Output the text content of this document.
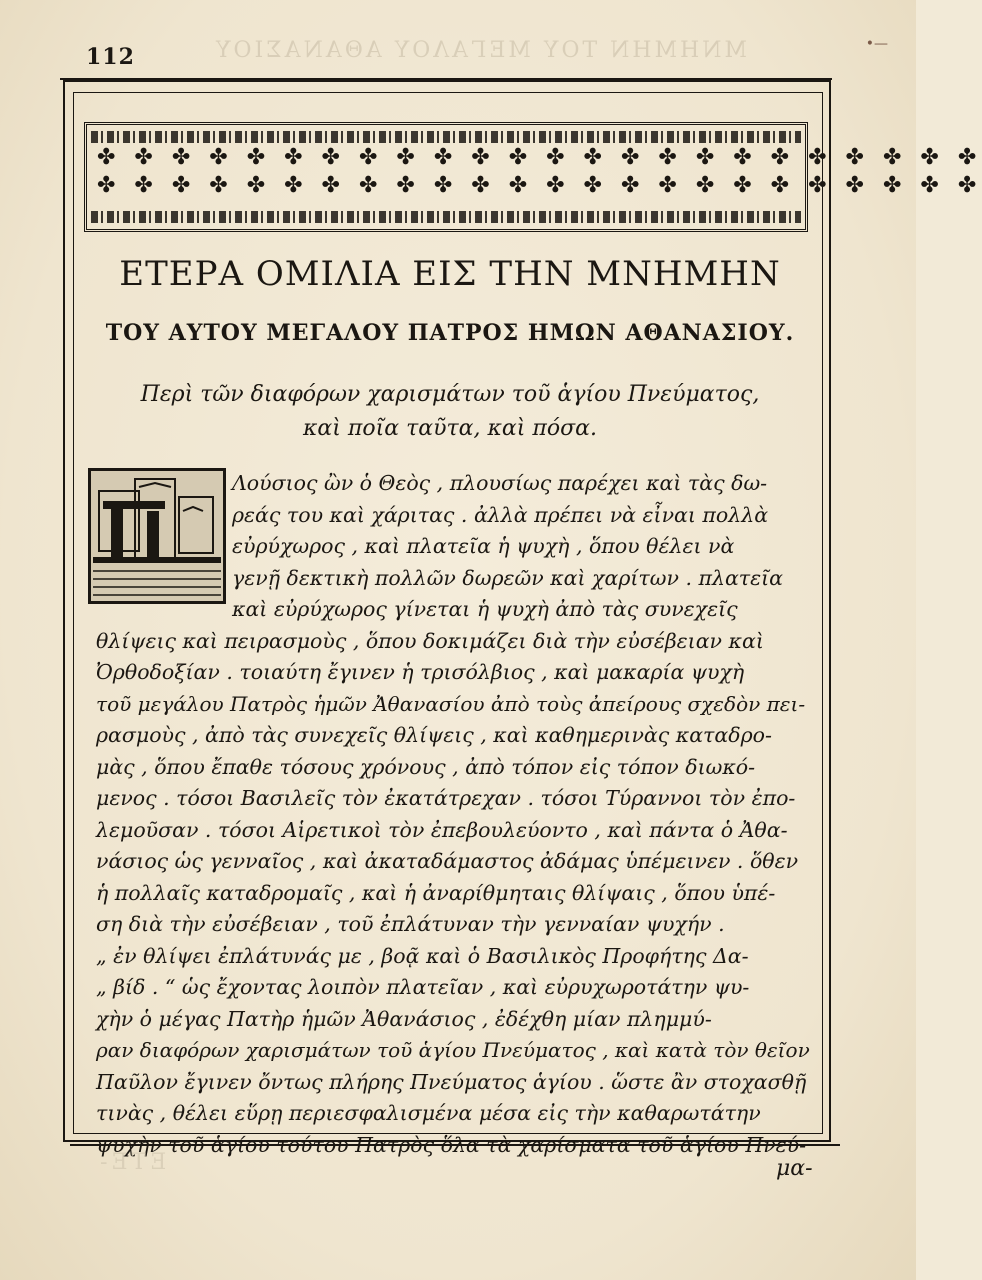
ΜΝΗΜΗΝ ΤΟΥ ΜΕΓΑΛΟΥ ΑΘΑΝΑΣΙΟΥ
112	•—
✤ ✤ ✤ ✤ ✤ ✤ ✤ ✤ ✤ ✤ ✤ ✤ ✤ ✤ ✤ ✤ ✤ ✤ ✤ ✤ ✤ ✤ ✤ ✤
✤ ✤ ✤ ✤ ✤ ✤ ✤ ✤ ✤ ✤ ✤ ✤ ✤ ✤ ✤ ✤ ✤ ✤ ✤ ✤ ✤ ✤ ✤ ✤
ΕΤΕΡΑ ΟΜΙΛΙΑ ΕΙΣ ΤΗΝ ΜΝΗΜΗΝ
ΤΟΥ ΑΥΤΟΥ ΜΕΓΑΛΟΥ ΠΑΤΡΟΣ ΗΜΩΝ ΑΘΑΝΑΣΙΟΥ.
Περὶ τῶν διαφόρων χαρισμάτων τοῦ ἁγίου Πνεύματος,
καὶ ποῖα ταῦτα, καὶ πόσα.
Λούσιος ὢν ὁ Θεὸς , πλουσίως παρέχει καὶ τὰς δω-
ρεάς του καὶ χάριτας . ἀλλὰ πρέπει νὰ εἶναι πολλὰ
εὐρύχωρος , καὶ πλατεῖα ἡ ψυχὴ , ὅπου θέλει νὰ
γενῇ δεκτικὴ πολλῶν δωρεῶν καὶ χαρίτων . πλατεῖα
καὶ εὐρύχωρος γίνεται ἡ ψυχὴ ἀπὸ τὰς συνεχεῖς
θλίψεις καὶ πειρασμοὺς , ὅπου δοκιμάζει διὰ τὴν εὐσέβειαν καὶ
Ὀρθοδοξίαν . τοιαύτη ἔγινεν ἡ τρισόλβιος , καὶ μακαρία ψυχὴ
τοῦ μεγάλου Πατρὸς ἡμῶν Ἀθανασίου ἀπὸ τοὺς ἀπείρους σχεδὸν πει-
ρασμοὺς , ἀπὸ τὰς συνεχεῖς θλίψεις , καὶ καθημερινὰς καταδρο-
μὰς , ὅπου ἔπαθε τόσους χρόνους , ἀπὸ τόπον εἰς τόπον διωκό-
μενος . τόσοι Βασιλεῖς τὸν ἐκατάτρεχαν . τόσοι Τύραννοι τὸν ἐπο-
λεμοῦσαν . τόσοι Αἱρετικοὶ τὸν ἐπεβουλεύοντο , καὶ πάντα ὁ Ἀθα-
νάσιος ὡς γενναῖος , καὶ ἀκαταδάμαστος ἀδάμας ὑπέμεινεν . ὅθεν
ἡ πολλαῖς καταδρομαῖς , καὶ ἡ ἀναρίθμηταις θλίψαις , ὅπου ὑπέ-
ση διὰ τὴν εὐσέβειαν , τοῦ ἐπλάτυναν τὴν γενναίαν ψυχήν .
„ ἐν θλίψει ἐπλάτυνάς με , βοᾷ καὶ ὁ Βασιλικὸς Προφήτης Δα-
„ βίδ . “ ὡς ἔχοντας λοιπὸν πλατεῖαν , καὶ εὐρυχωροτάτην ψυ-
χὴν ὁ μέγας Πατὴρ ἡμῶν Ἀθανάσιος , ἐδέχθη μίαν πλημμύ-
ραν διαφόρων χαρισμάτων τοῦ ἁγίου Πνεύματος , καὶ κατὰ τὸν θεῖον
Παῦλον ἔγινεν ὄντως πλήρης Πνεύματος ἁγίου . ὥστε ἂν στοχασθῇ
τινὰς , θέλει εὕρῃ περιεσφαλισμένα μέσα εἰς τὴν καθαρωτάτην
ψυχὴν τοῦ ἁγίου τούτου Πατρὸς ὅλα τὰ χαρίσματα τοῦ ἁγίου Πνεύ-
ΕΤΕ-	μα-
